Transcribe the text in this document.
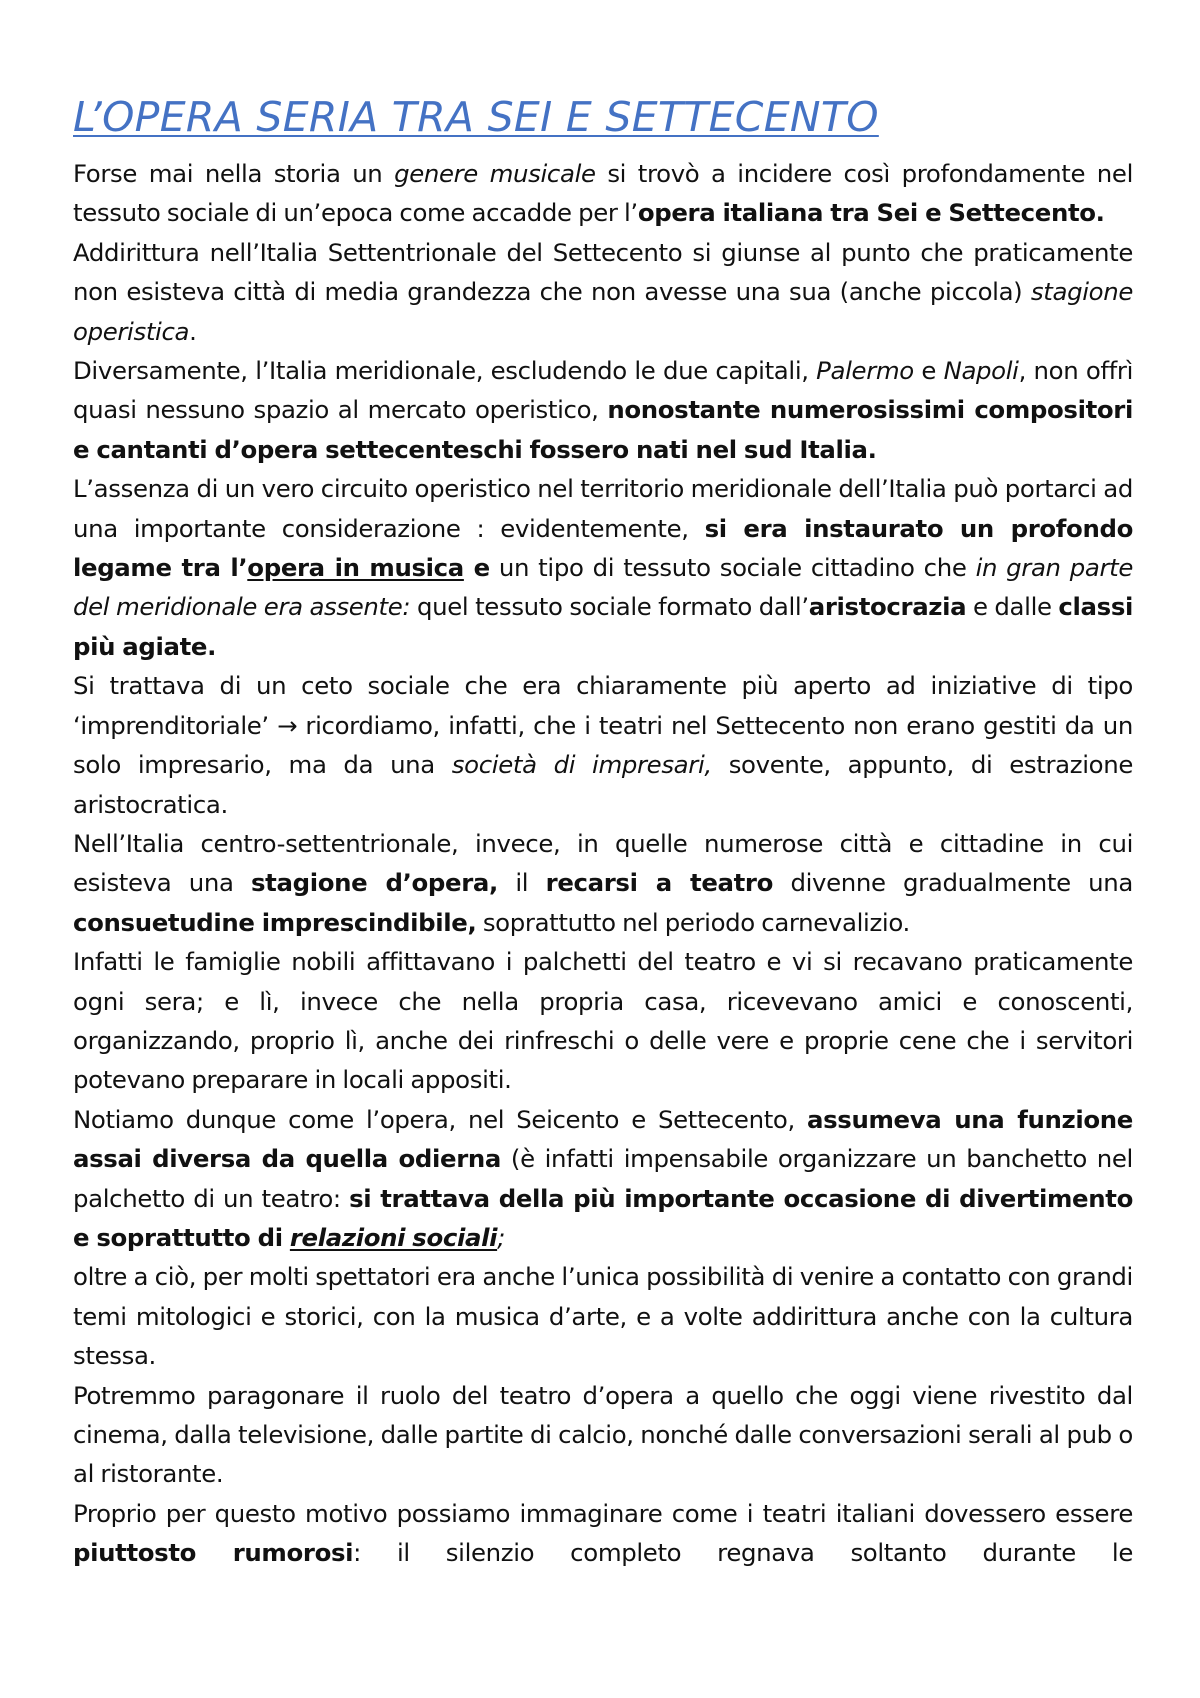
L’OPERA SERIA TRA SEI E SETTECENTO

Forse mai nella storia un genere musicale si trovò a incidere così profondamente nel tessuto sociale di un’epoca come accadde per l’opera italiana tra Sei e Settecento.

Addirittura nell’Italia Settentrionale del Settecento si giunse al punto che praticamente non esisteva città di media grandezza che non avesse una sua (anche piccola) stagione operistica.

Diversamente, l’Italia meridionale, escludendo le due capitali, Palermo e Napoli, non offrì quasi nessuno spazio al mercato operistico, nonostante numerosissimi compositori e cantanti d’opera settecenteschi fossero nati nel sud Italia.

L’assenza di un vero circuito operistico nel territorio meridionale dell’Italia può portarci ad una importante considerazione : evidentemente, si era instaurato un profondo legame tra l’opera in musica e un tipo di tessuto sociale cittadino che in gran parte del meridionale era assente: quel tessuto sociale formato dall’aristocrazia e dalle classi più agiate.

Si trattava di un ceto sociale che era chiaramente più aperto ad iniziative di tipo ‘imprenditoriale’ → ricordiamo, infatti, che i teatri nel Settecento non erano gestiti da un solo impresario, ma da una società di impresari, sovente, appunto, di estrazione aristocratica.

Nell’Italia centro-settentrionale, invece, in quelle numerose città e cittadine in cui esisteva una stagione d’opera, il recarsi a teatro divenne gradualmente una consuetudine imprescindibile, soprattutto nel periodo carnevalizio.

Infatti le famiglie nobili affittavano i palchetti del teatro e vi si recavano praticamente ogni sera; e lì, invece che nella propria casa, ricevevano amici e conoscenti, organizzando, proprio lì, anche dei rinfreschi o delle vere e proprie cene che i servitori potevano preparare in locali appositi.

Notiamo dunque come l’opera, nel Seicento e Settecento, assumeva una funzione assai diversa da quella odierna (è infatti impensabile organizzare un banchetto nel palchetto di un teatro: si trattava della più importante occasione di divertimento e soprattutto di relazioni sociali;

oltre a ciò, per molti spettatori era anche l’unica possibilità di venire a contatto con grandi temi mitologici e storici, con la musica d’arte, e a volte addirittura anche con la cultura stessa.

Potremmo paragonare il ruolo del teatro d’opera a quello che oggi viene rivestito dal cinema, dalla televisione, dalle partite di calcio, nonché dalle conversazioni serali al pub o al ristorante.

Proprio per questo motivo possiamo immaginare come i teatri italiani dovessero essere piuttosto rumorosi: il silenzio completo regnava soltanto durante le
